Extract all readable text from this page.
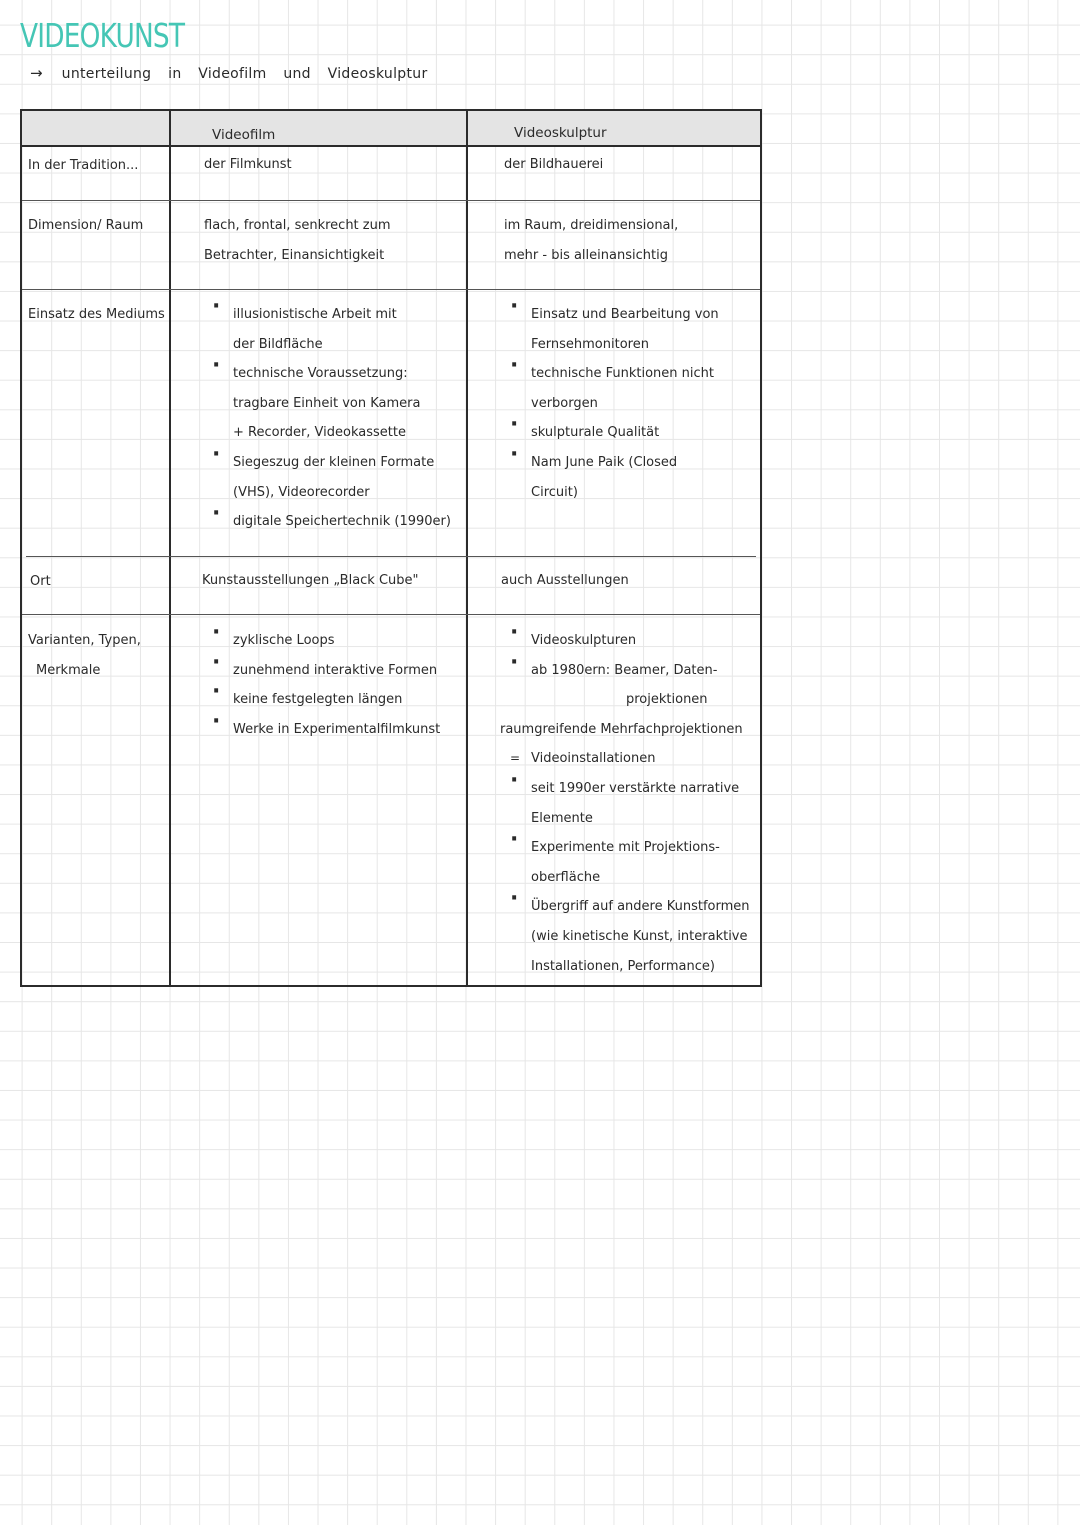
VIDEOKUNST
→ unterteilung in Videofilm und Videoskulptur
Videofilm	Videoskulptur
In der Tradition...	der Filmkunst	der Bildhauerei
Dimension/ Raum	flach, frontal, senkrecht zum
Betrachter, Einansichtigkeit
im Raum, dreidimensional,
mehr - bis alleinansichtig
Einsatz des Mediums
·	illusionistische Arbeit mit
der Bildfläche
· technische Voraussetzung:
tragbare Einheit von Kamera
+ Recorder, Videokassette
· Siegeszug der kleinen Formate
(VHS), Videorecorder
· digitale Speichertechnik (1990er)
· Einsatz und Bearbeitung von
Fernsehmonitoren
· technische Funktionen nicht
verborgen
· skulpturale Qualität
· Nam June Paik (Closed
Circuit)
Ort	Kunstausstellungen „Black Cube"	auch Ausstellungen
Varianten, Typen,
Merkmale
· zyklische Loops
· zunehmend interaktive Formen
· keine festgelegten längen
· Werke in Experimentalfilmkunst
· Videoskulpturen
· ab 1980ern: Beamer, Daten-
projektionen
raumgreifende Mehrfachprojektionen
= Videoinstallationen
· seit 1990er verstärkte narrative
Elemente
· Experimente mit Projektions-
oberfläche
· Übergriff auf andere Kunstformen
(wie kinetische Kunst, interaktive
Installationen, Performance)
